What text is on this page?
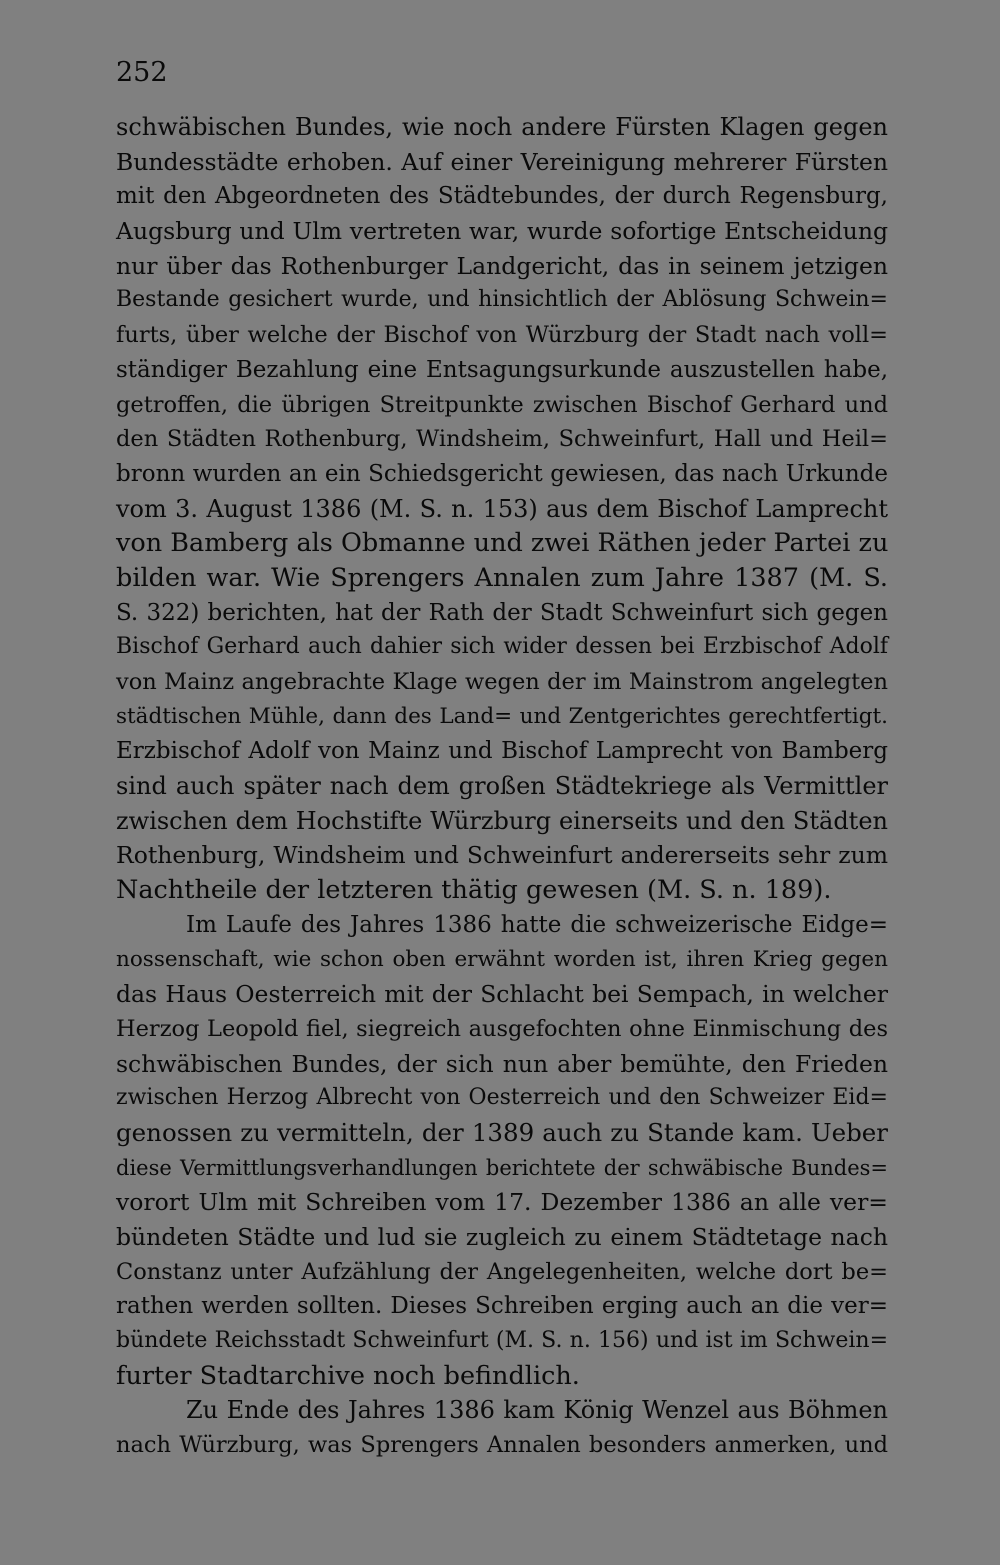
252
schwäbischen Bundes, wie noch andere Fürsten Klagen gegen
Bundesstädte erhoben. Auf einer Vereinigung mehrerer Fürsten
mit den Abgeordneten des Städtebundes, der durch Regensburg,
Augsburg und Ulm vertreten war, wurde sofortige Entscheidung
nur über das Rothenburger Landgericht, das in seinem jetzigen
Bestande gesichert wurde, und hinsichtlich der Ablösung Schwein=
furts, über welche der Bischof von Würzburg der Stadt nach voll=
ständiger Bezahlung eine Entsagungsurkunde auszustellen habe,
getroffen, die übrigen Streitpunkte zwischen Bischof Gerhard und
den Städten Rothenburg, Windsheim, Schweinfurt, Hall und Heil=
bronn wurden an ein Schiedsgericht gewiesen, das nach Urkunde
vom 3. August 1386 (M. S. n. 153) aus dem Bischof Lamprecht
von Bamberg als Obmanne und zwei Räthen jeder Partei zu
bilden war. Wie Sprengers Annalen zum Jahre 1387 (M. S.
S. 322) berichten, hat der Rath der Stadt Schweinfurt sich gegen
Bischof Gerhard auch dahier sich wider dessen bei Erzbischof Adolf
von Mainz angebrachte Klage wegen der im Mainstrom angelegten
städtischen Mühle, dann des Land= und Zentgerichtes gerechtfertigt.
Erzbischof Adolf von Mainz und Bischof Lamprecht von Bamberg
sind auch später nach dem großen Städtekriege als Vermittler
zwischen dem Hochstifte Würzburg einerseits und den Städten
Rothenburg, Windsheim und Schweinfurt andererseits sehr zum
Nachtheile der letzteren thätig gewesen (M. S. n. 189).
Im Laufe des Jahres 1386 hatte die schweizerische Eidge=
nossenschaft, wie schon oben erwähnt worden ist, ihren Krieg gegen
das Haus Oesterreich mit der Schlacht bei Sempach, in welcher
Herzog Leopold fiel, siegreich ausgefochten ohne Einmischung des
schwäbischen Bundes, der sich nun aber bemühte, den Frieden
zwischen Herzog Albrecht von Oesterreich und den Schweizer Eid=
genossen zu vermitteln, der 1389 auch zu Stande kam. Ueber
diese Vermittlungsverhandlungen berichtete der schwäbische Bundes=
vorort Ulm mit Schreiben vom 17. Dezember 1386 an alle ver=
bündeten Städte und lud sie zugleich zu einem Städtetage nach
Constanz unter Aufzählung der Angelegenheiten, welche dort be=
rathen werden sollten. Dieses Schreiben erging auch an die ver=
bündete Reichsstadt Schweinfurt (M. S. n. 156) und ist im Schwein=
furter Stadtarchive noch befindlich.
Zu Ende des Jahres 1386 kam König Wenzel aus Böhmen
nach Würzburg, was Sprengers Annalen besonders anmerken, und
